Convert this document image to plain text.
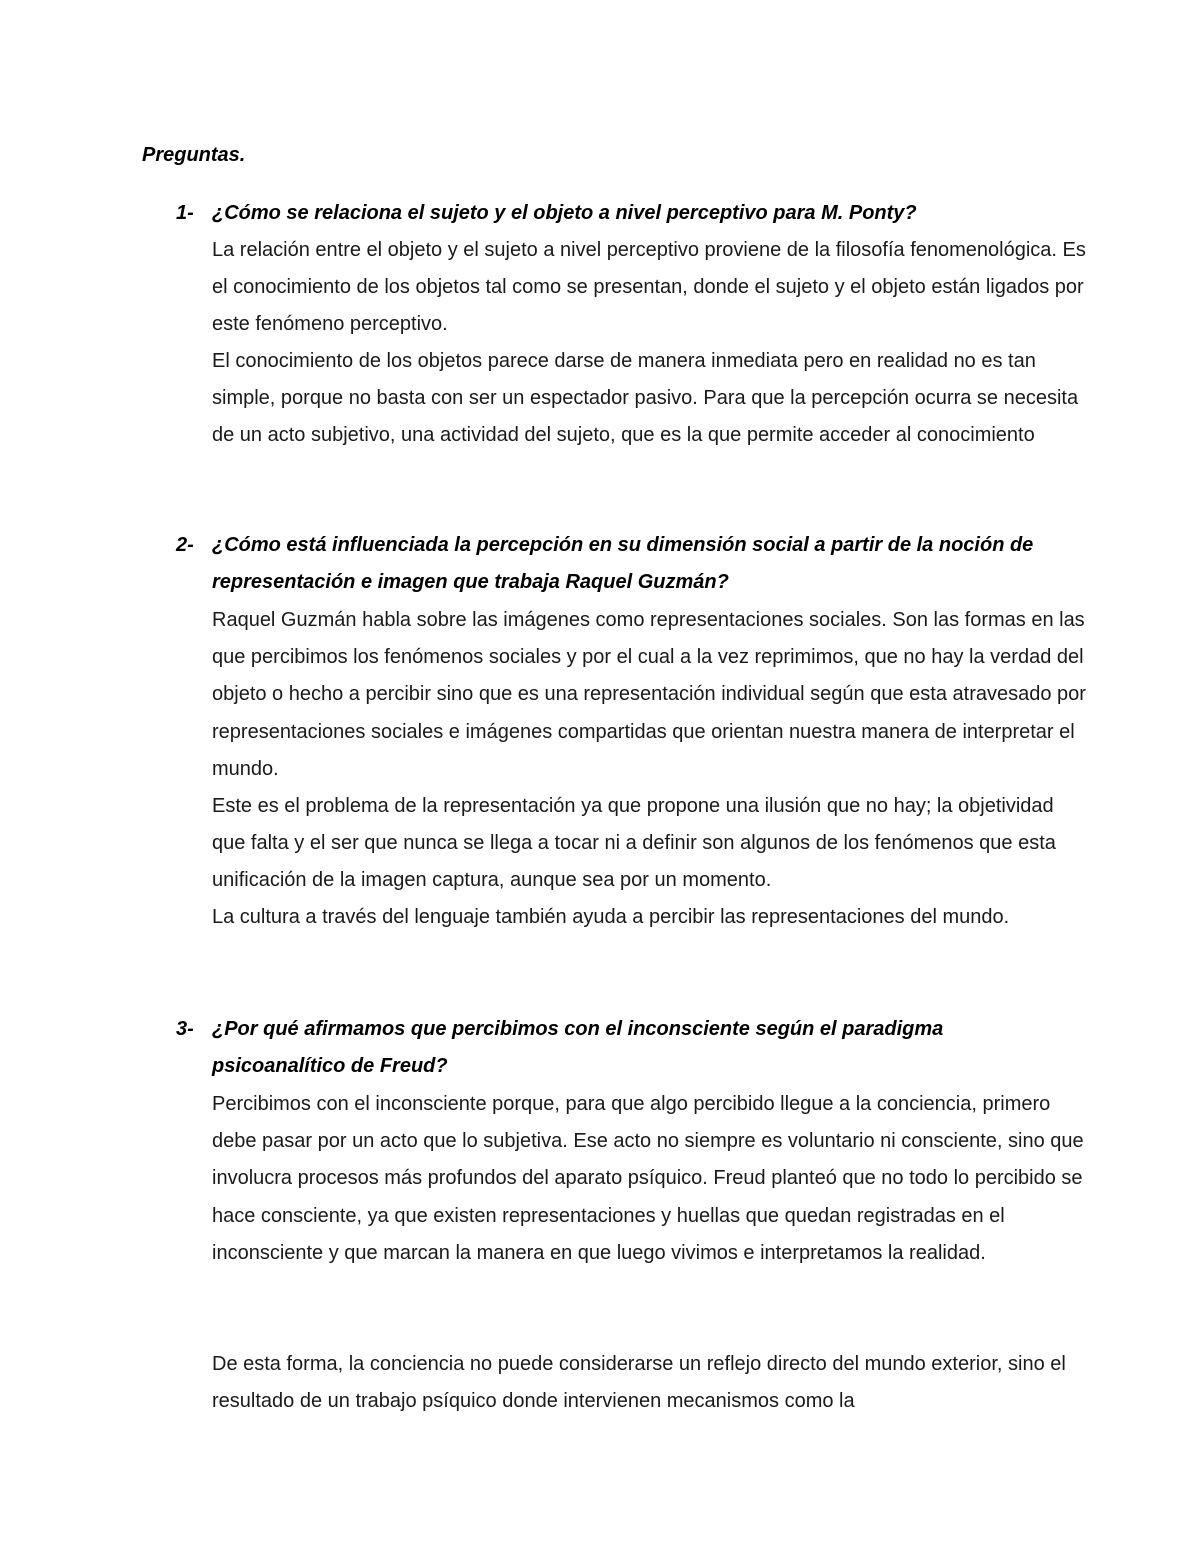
Preguntas.
1- ¿Cómo se relaciona el sujeto y el objeto a nivel perceptivo para M. Ponty?
La relación entre el objeto y el sujeto a nivel perceptivo proviene de la filosofía fenomenológica. Es el conocimiento de los objetos tal como se presentan, donde el sujeto y el objeto están ligados por este fenómeno perceptivo.
El conocimiento de los objetos parece darse de manera inmediata pero en realidad no es tan simple, porque no basta con ser un espectador pasivo. Para que la percepción ocurra se necesita de un acto subjetivo, una actividad del sujeto, que es la que permite acceder al conocimiento
2- ¿Cómo está influenciada la percepción en su dimensión social a partir de la noción de representación e imagen que trabaja Raquel Guzmán?
Raquel Guzmán habla sobre las imágenes como representaciones sociales. Son las formas en las que percibimos los fenómenos sociales y por el cual a la vez reprimimos, que no hay la verdad del objeto o hecho a percibir sino que es una representación individual según que esta atravesado por representaciones sociales e imágenes compartidas que orientan nuestra manera de interpretar el mundo.
Este es el problema de la representación ya que propone una ilusión que no hay; la objetividad que falta y el ser que nunca se llega a tocar ni a definir son algunos de los fenómenos que esta unificación de la imagen captura, aunque sea por un momento.
La cultura a través del lenguaje también ayuda a percibir las representaciones del mundo.
3- ¿Por qué afirmamos que percibimos con el inconsciente según el paradigma psicoanalítico de Freud?
Percibimos con el inconsciente porque, para que algo percibido llegue a la conciencia, primero debe pasar por un acto que lo subjetiva. Ese acto no siempre es voluntario ni consciente, sino que involucra procesos más profundos del aparato psíquico. Freud planteó que no todo lo percibido se hace consciente, ya que existen representaciones y huellas que quedan registradas en el inconsciente y que marcan la manera en que luego vivimos e interpretamos la realidad.
De esta forma, la conciencia no puede considerarse un reflejo directo del mundo exterior, sino el resultado de un trabajo psíquico donde intervienen mecanismos como la
